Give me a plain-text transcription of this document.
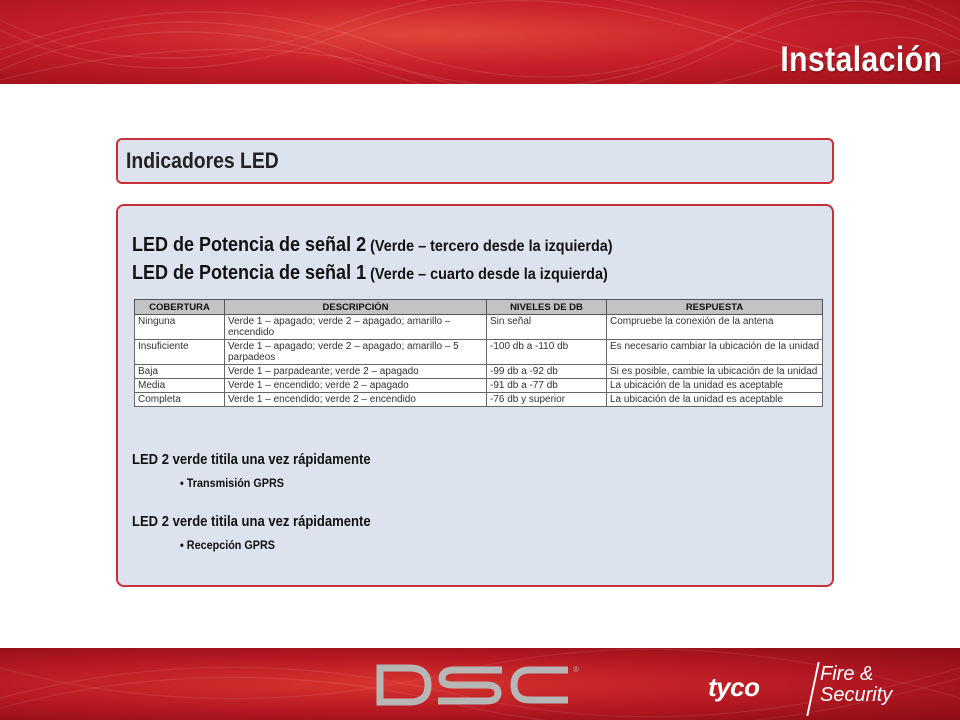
Instalación
Indicadores LED
LED de Potencia de señal 2 (Verde – tercero desde la izquierda)
LED de Potencia de señal 1 (Verde – cuarto desde la izquierda)
COBERTURA	DESCRIPCIÓN	NIVELES DE DB	RESPUESTA
Ninguna	Verde 1 – apagado; verde 2 – apagado; amarillo – encendido	Sin señal	Compruebe la conexión de la antena
Insuficiente	Verde 1 – apagado; verde 2 – apagado; amarillo – 5 parpadeos	-100 db a -110 db	Es necesario cambiar la ubicación de la unidad
Baja	Verde 1 – parpadeante; verde 2 – apagado	-99 db a -92 db	Si es posible, cambie la ubicación de la unidad
Media	Verde 1 – encendido; verde 2 – apagado	-91 db a -77 db	La ubicación de la unidad es aceptable
Completa	Verde 1 – encendido; verde 2 – encendido	-76 db y superior	La ubicación de la unidad es aceptable
LED 2 verde titila una vez rápidamente
• Transmisión GPRS
LED 2 verde titila una vez rápidamente
• Recepción GPRS
®
tyco	Fire &
Security
